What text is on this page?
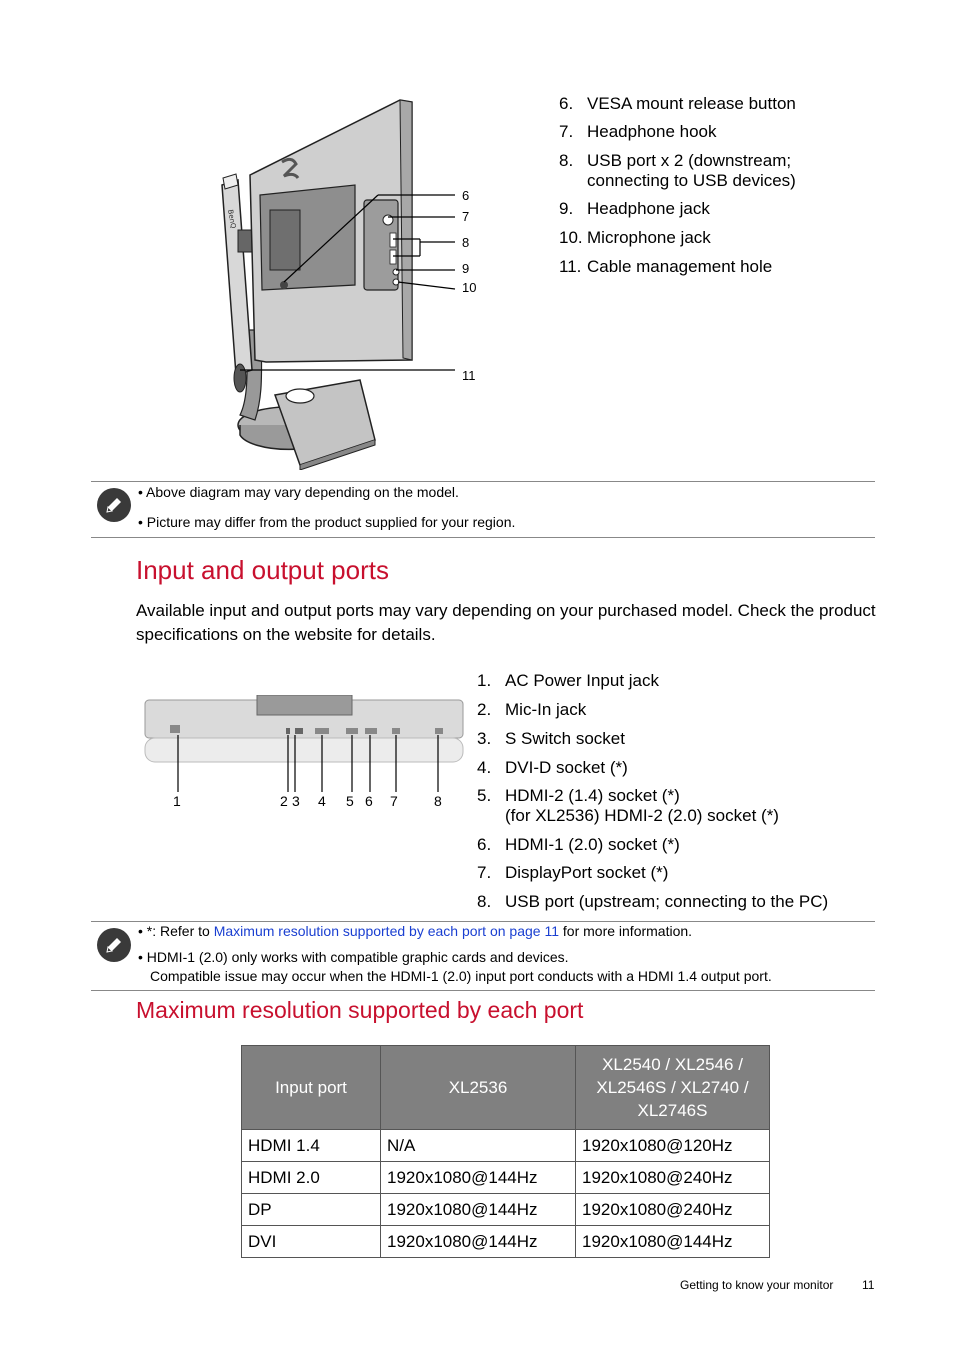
BenQ
6
7
8
9
10
11
6. VESA mount release button
7. Headphone hook
8. USB port x 2 (downstream;
connecting to USB devices)
9. Headphone jack
10. Microphone jack
11. Cable management hole
• Above diagram may vary depending on the model.
• Picture may differ from the product supplied for your region.
Input and output ports

Available input and output ports may vary depending on your purchased model. Check the product specifications on the website for details.

1	2 3 4 5 6 7	8
1. AC Power Input jack
2. Mic-In jack
3. S Switch socket
4. DVI-D socket (*)
5. HDMI-2 (1.4) socket (*)
(for XL2536) HDMI-2 (2.0) socket (*)
6. HDMI-1 (2.0) socket (*)
7. DisplayPort socket (*)
8. USB port (upstream; connecting to the PC)
• *: Refer to Maximum resolution supported by each port on page 11 for more information.
• HDMI-1 (2.0) only works with compatible graphic cards and devices.
Compatible issue may occur when the HDMI-1 (2.0) input port conducts with a HDMI 1.4 output port.
Maximum resolution supported by each port
Input port	XL2536	XL2540 / XL2546 / XL2546S / XL2740 / XL2746S
HDMI 1.4	N/A	1920x1080@120Hz
HDMI 2.0	1920x1080@144Hz	1920x1080@240Hz
DP	1920x1080@144Hz	1920x1080@240Hz
DVI	1920x1080@144Hz	1920x1080@144Hz
Getting to know your monitor 11
